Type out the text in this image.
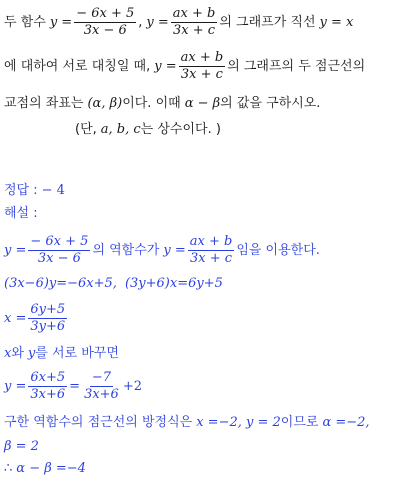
두 함수 $y = \frac{- 6x + 5}{3x - 6}$ , $y = \frac{ax + b}{3x + c}$ 의 그래프가 직선 y = x
에 대하여 서로 대칭일 때, $y = \frac{ax + b}{3x + c}$ 의 그래프의 두 점근선의
교점의 좌표는 (α, β) 이다. 이때 α − β 의 값을 구하시오.
(단, a, b, c 는 상수이다. )
정답 : − 4
해설 :
$y = \frac{- 6x + 5}{3x - 6}$ 의 역함수가 $y = \frac{ax + b}{3x + c}$ 임을 이용한다.
(3x−6)y=−6x+5, (3y+6)x=6y+5
$x = \frac{6y+5}{3y+6}$
x 와 y 를 서로 바꾸면
$y = \frac{6x+5}{3x+6} = \frac{-7}{3x+6} +2$
구한 역함수의 점근선의 방정식은 x =−2, y = 2 이므로 α =−2,
β = 2
∴ α − β =−4
